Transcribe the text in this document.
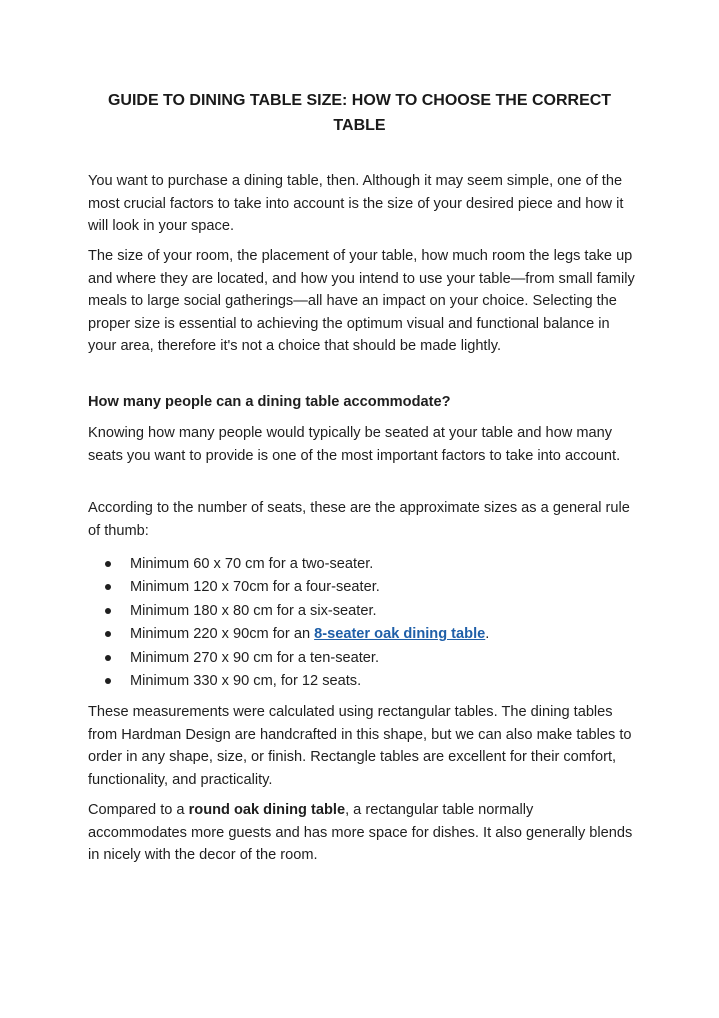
GUIDE TO DINING TABLE SIZE: HOW TO CHOOSE THE CORRECT TABLE

You want to purchase a dining table, then. Although it may seem simple, one of the most crucial factors to take into account is the size of your desired piece and how it will look in your space.

The size of your room, the placement of your table, how much room the legs take up and where they are located, and how you intend to use your table—from small family meals to large social gatherings—all have an impact on your choice. Selecting the proper size is essential to achieving the optimum visual and functional balance in your area, therefore it's not a choice that should be made lightly.

How many people can a dining table accommodate?

Knowing how many people would typically be seated at your table and how many seats you want to provide is one of the most important factors to take into account.

According to the number of seats, these are the approximate sizes as a general rule of thumb:

Minimum 60 x 70 cm for a two-seater.
Minimum 120 x 70cm for a four-seater.
Minimum 180 x 80 cm for a six-seater.
Minimum 220 x 90cm for an 8-seater oak dining table.
Minimum 270 x 90 cm for a ten-seater.
Minimum 330 x 90 cm, for 12 seats.

These measurements were calculated using rectangular tables. The dining tables from Hardman Design are handcrafted in this shape, but we can also make tables to order in any shape, size, or finish. Rectangle tables are excellent for their comfort, functionality, and practicality.

Compared to a round oak dining table, a rectangular table normally accommodates more guests and has more space for dishes. It also generally blends in nicely with the decor of the room.
